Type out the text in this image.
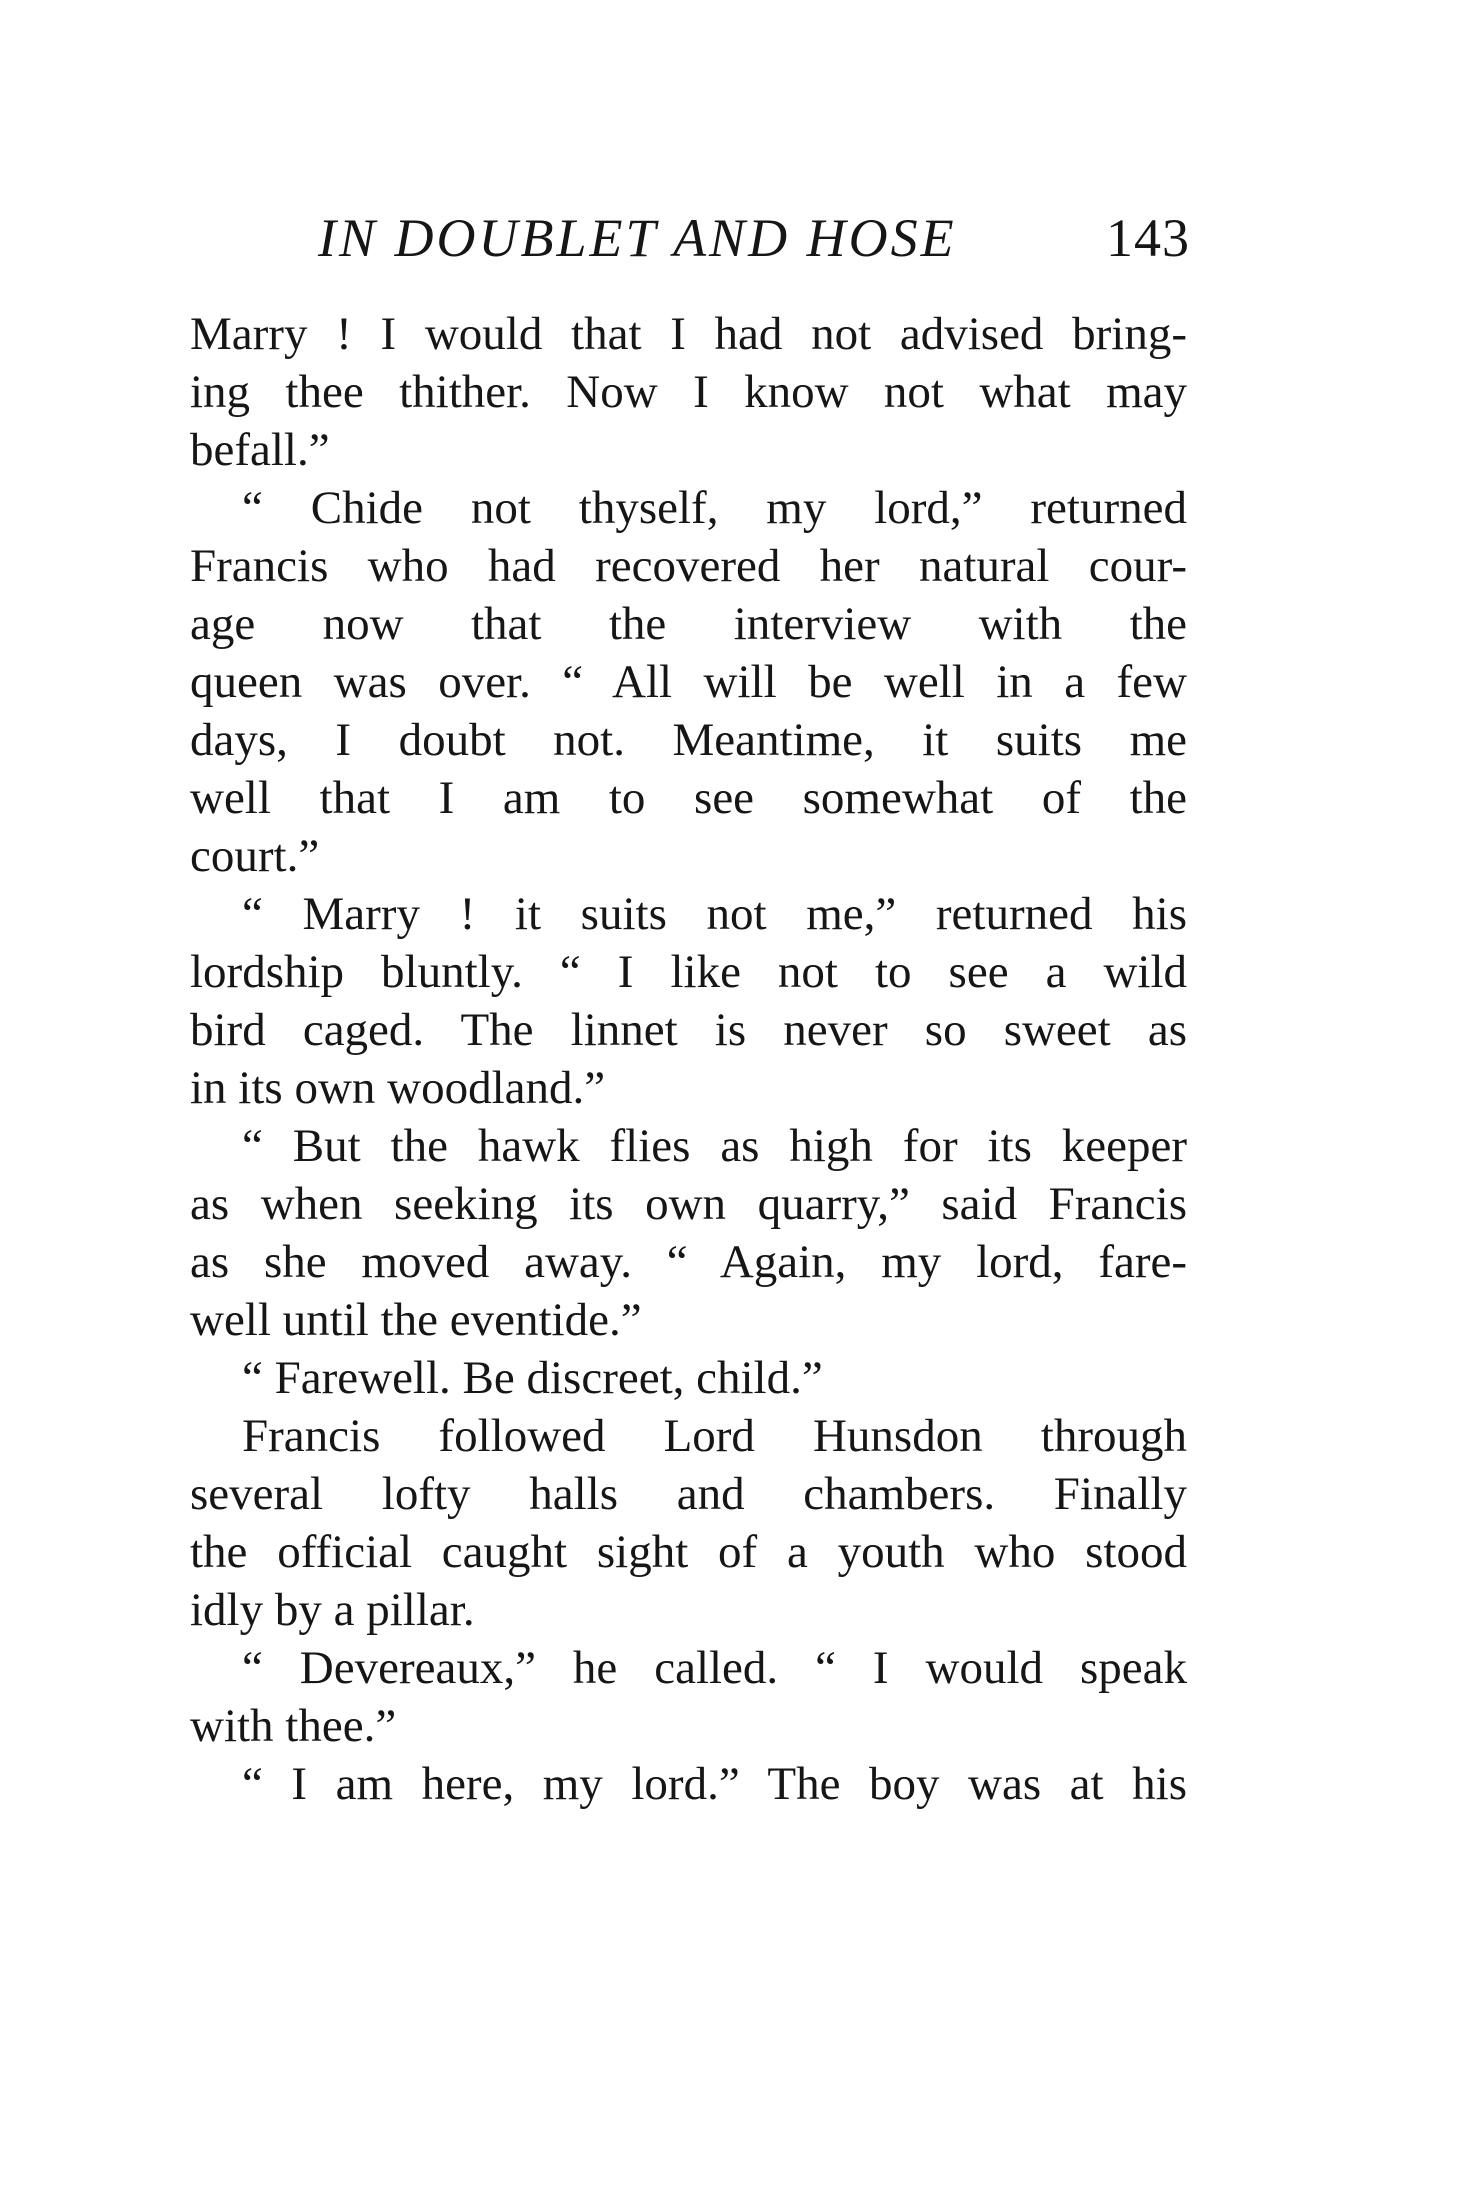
IN DOUBLET AND HOSE	143
Marry ! I would that I had not advised bring-
ing thee thither. Now I know not what may
befall.”
“ Chide not thyself, my lord,” returned
Francis who had recovered her natural cour-
age now that the interview with the
queen was over. “ All will be well in a few
days, I doubt not. Meantime, it suits me
well that I am to see somewhat of the
court.”
“ Marry ! it suits not me,” returned his
lordship bluntly. “ I like not to see a wild
bird caged. The linnet is never so sweet as
in its own woodland.”
“ But the hawk flies as high for its keeper
as when seeking its own quarry,” said Francis
as she moved away. “ Again, my lord, fare-
well until the eventide.”
“ Farewell. Be discreet, child.”
Francis followed Lord Hunsdon through
several lofty halls and chambers. Finally
the official caught sight of a youth who stood
idly by a pillar.
“ Devereaux,” he called. “ I would speak
with thee.”
“ I am here, my lord.” The boy was at his
